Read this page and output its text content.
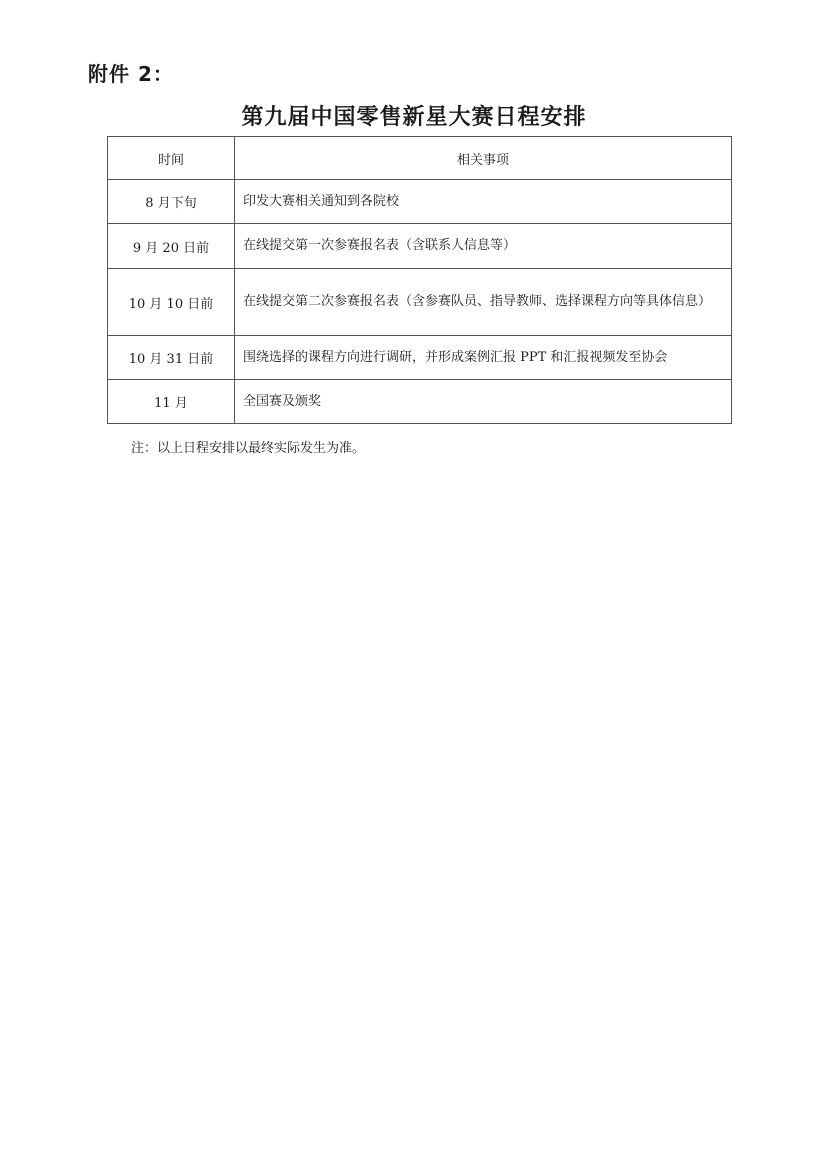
附件 2：
第九届中国零售新星大赛日程安排
时间	相关事项
8 月下旬	印发大赛相关通知到各院校
9 月 20 日前	在线提交第一次参赛报名表（含联系人信息等）
10 月 10 日前	在线提交第二次参赛报名表（含参赛队员、指导教师、选择课程方向等具体信息）
10 月 31 日前	围绕选择的课程方向进行调研，并形成案例汇报 PPT 和汇报视频发至协会
11 月	全国赛及颁奖
注：以上日程安排以最终实际发生为准。
